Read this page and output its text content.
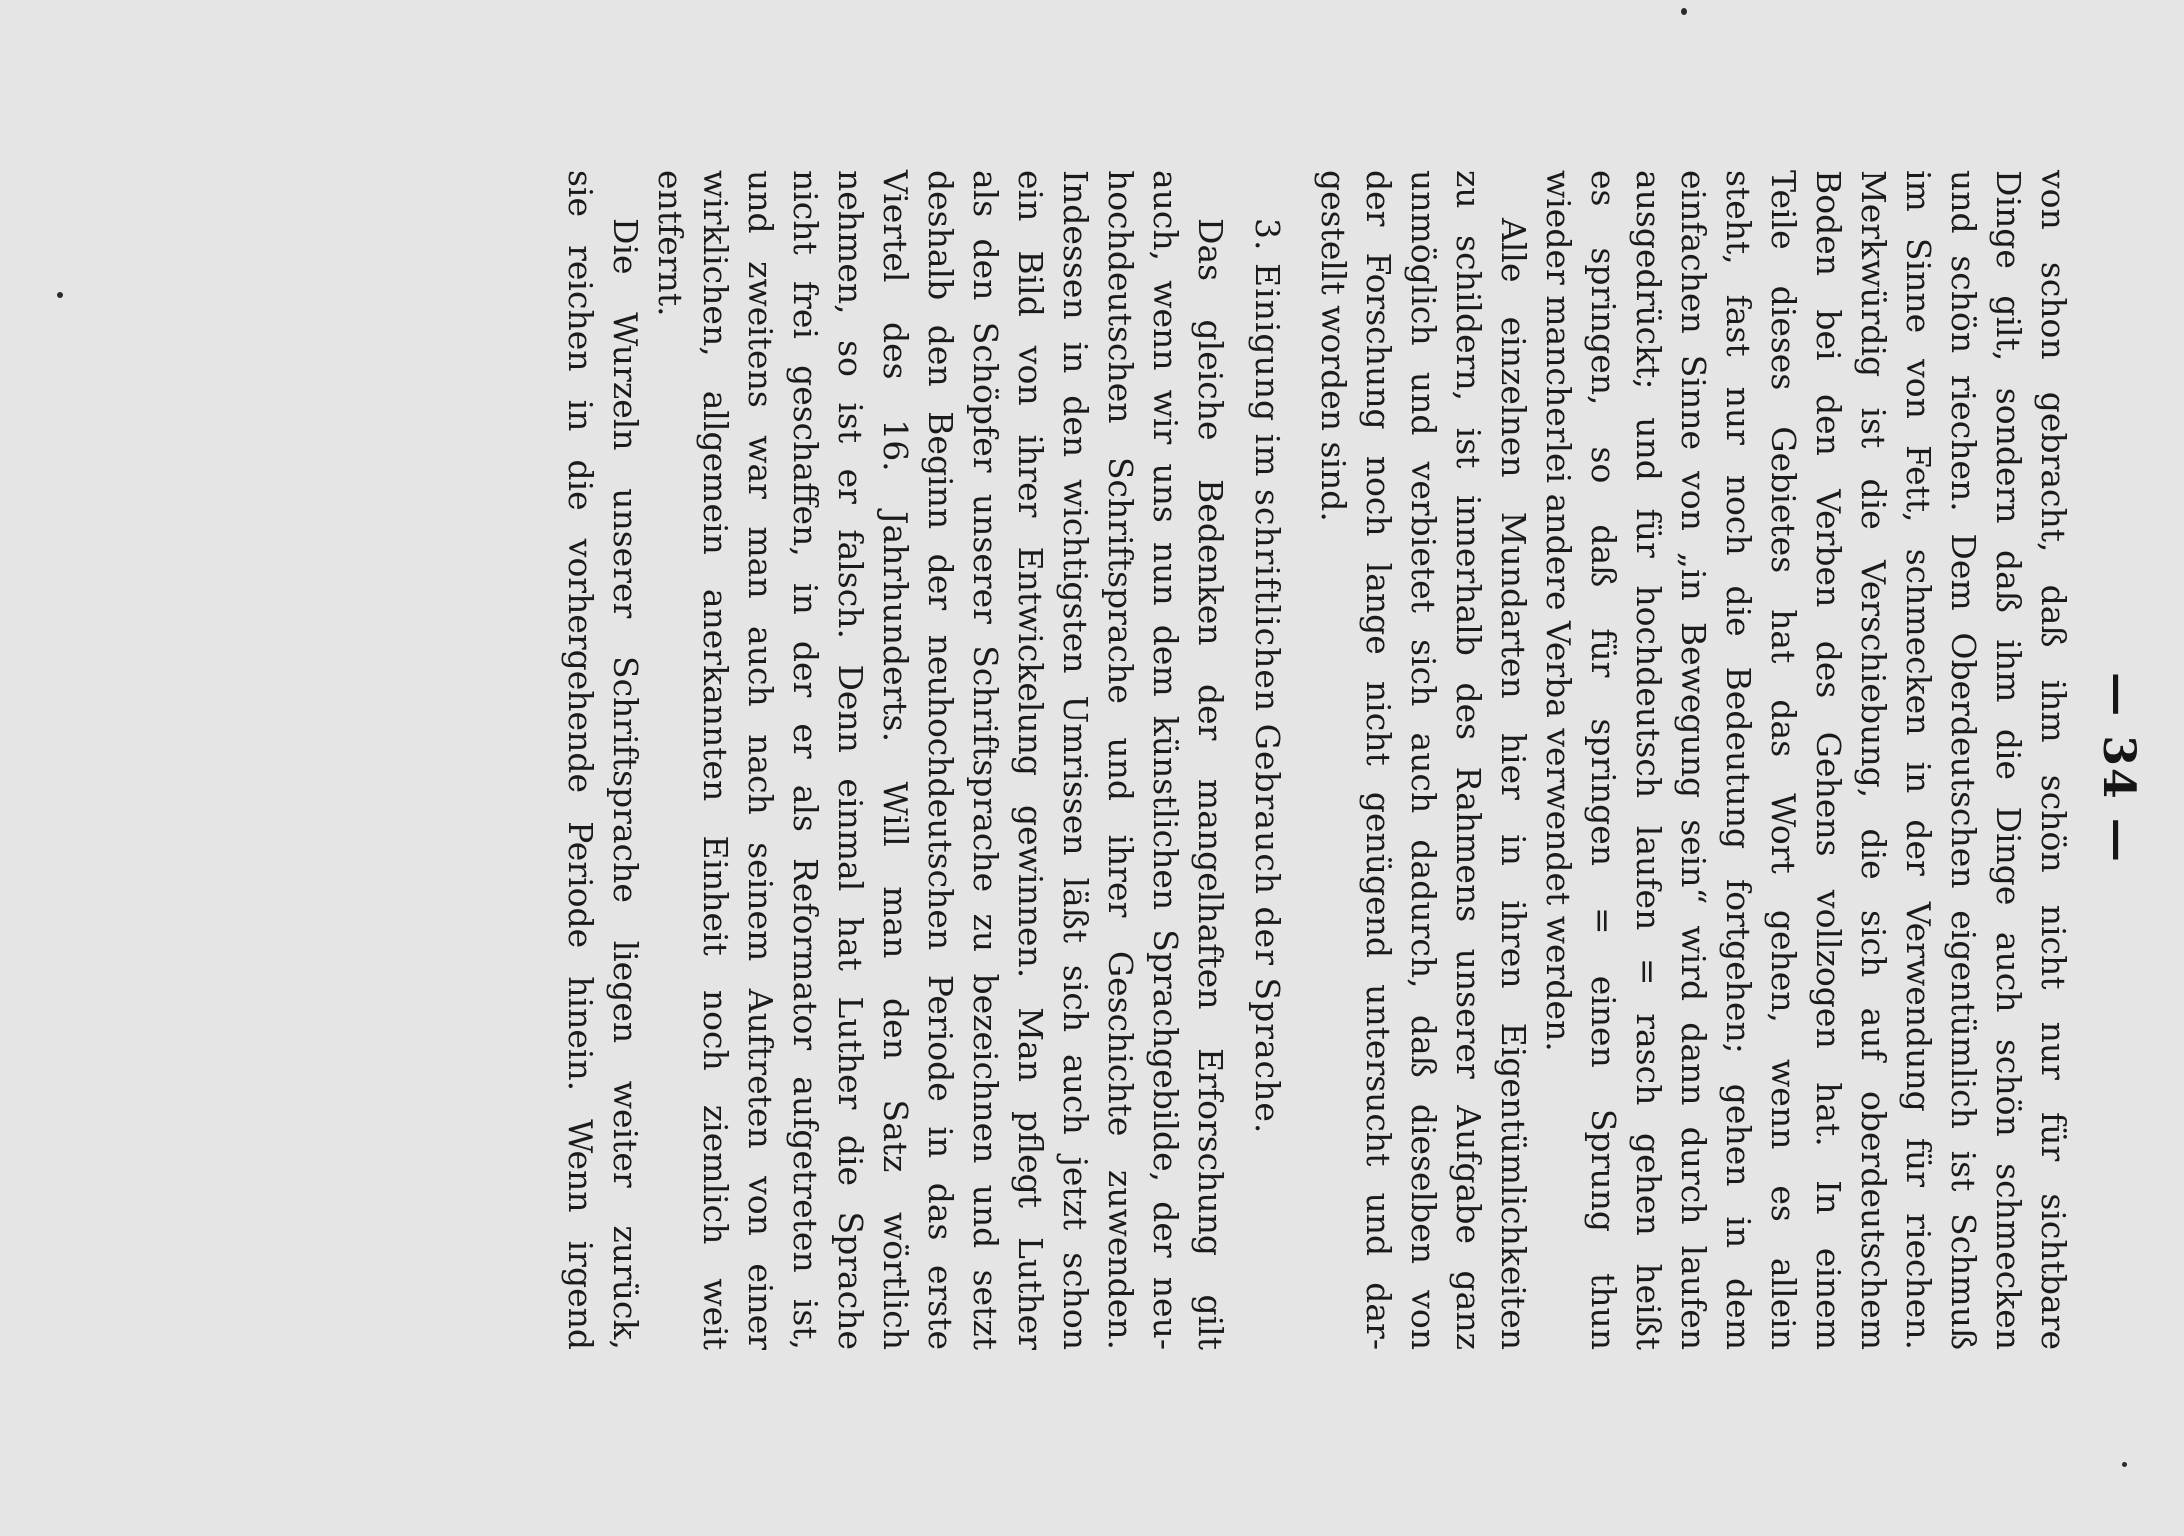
— 34 —
von schon gebracht, daß ihm schön nicht nur für sichtbare
Dinge gilt, sondern daß ihm die Dinge auch schön schmecken
und schön riechen. Dem Oberdeutschen eigentümlich ist Schmuß
im Sinne von Fett, schmecken in der Verwendung für riechen.
Merkwürdig ist die Verschiebung, die sich auf oberdeutschem
Boden bei den Verben des Gehens vollzogen hat. In einem
Teile dieses Gebietes hat das Wort gehen, wenn es allein
steht, fast nur noch die Bedeutung fortgehen; gehen in dem
einfachen Sinne von „in Bewegung sein“ wird dann durch laufen
ausgedrückt; und für hochdeutsch laufen = rasch gehen heißt
es springen, so daß für springen = einen Sprung thun
wieder mancherlei andere Verba verwendet werden.
Alle einzelnen Mundarten hier in ihren Eigentümlichkeiten
zu schildern, ist innerhalb des Rahmens unserer Aufgabe ganz
unmöglich und verbietet sich auch dadurch, daß dieselben von
der Forschung noch lange nicht genügend untersucht und dar-
gestellt worden sind.
3. Einigung im schriftlichen Gebrauch der Sprache.
Das gleiche Bedenken der mangelhaften Erforschung gilt
auch, wenn wir uns nun dem künstlichen Sprachgebilde, der neu-
hochdeutschen Schriftsprache und ihrer Geschichte zuwenden.
Indessen in den wichtigsten Umrissen läßt sich auch jetzt schon
ein Bild von ihrer Entwickelung gewinnen. Man pflegt Luther
als den Schöpfer unserer Schriftsprache zu bezeichnen und setzt
deshalb den Beginn der neuhochdeutschen Periode in das erste
Viertel des 16. Jahrhunderts. Will man den Satz wörtlich
nehmen, so ist er falsch. Denn einmal hat Luther die Sprache
nicht frei geschaffen, in der er als Reformator aufgetreten ist,
und zweitens war man auch nach seinem Auftreten von einer
wirklichen, allgemein anerkannten Einheit noch ziemlich weit
entfernt.
Die Wurzeln unserer Schriftsprache liegen weiter zurück,
sie reichen in die vorhergehende Periode hinein. Wenn irgend
